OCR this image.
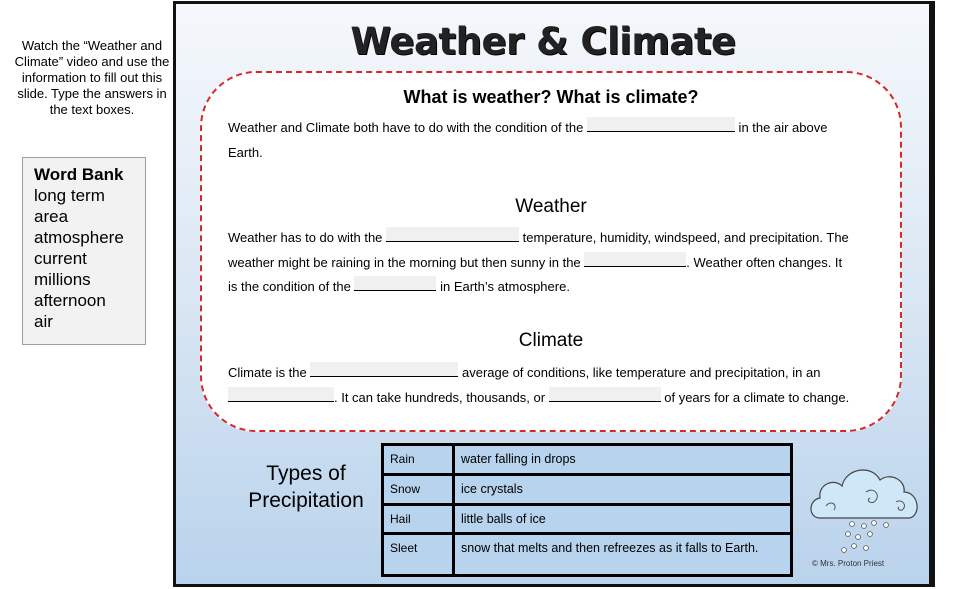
Watch the “Weather and Climate” video and use the information to fill out this slide. Type the answers in the text boxes.
Word Bank
long term
area
atmosphere
current
millions
afternoon
air
Weather & Climate
What is weather? What is climate?
Weather and Climate both have to do with the condition of the	in the air above
Earth.
Weather
Weather has to do with the	temperature, humidity, windspeed, and precipitation. The
weather might be raining in the morning but then sunny in the	. Weather often changes. It
is the condition of the	in Earth’s atmosphere.
Climate
Climate is the	average of conditions, like temperature and precipitation, in an
. It can take hundreds, thousands, or	of years for a climate to change.
Types of Precipitation
Rain	water falling in drops
Snow	ice crystals
Hail	little balls of ice
Sleet	snow that melts and then refreezes as it falls to Earth.
© Mrs. Proton Priest
